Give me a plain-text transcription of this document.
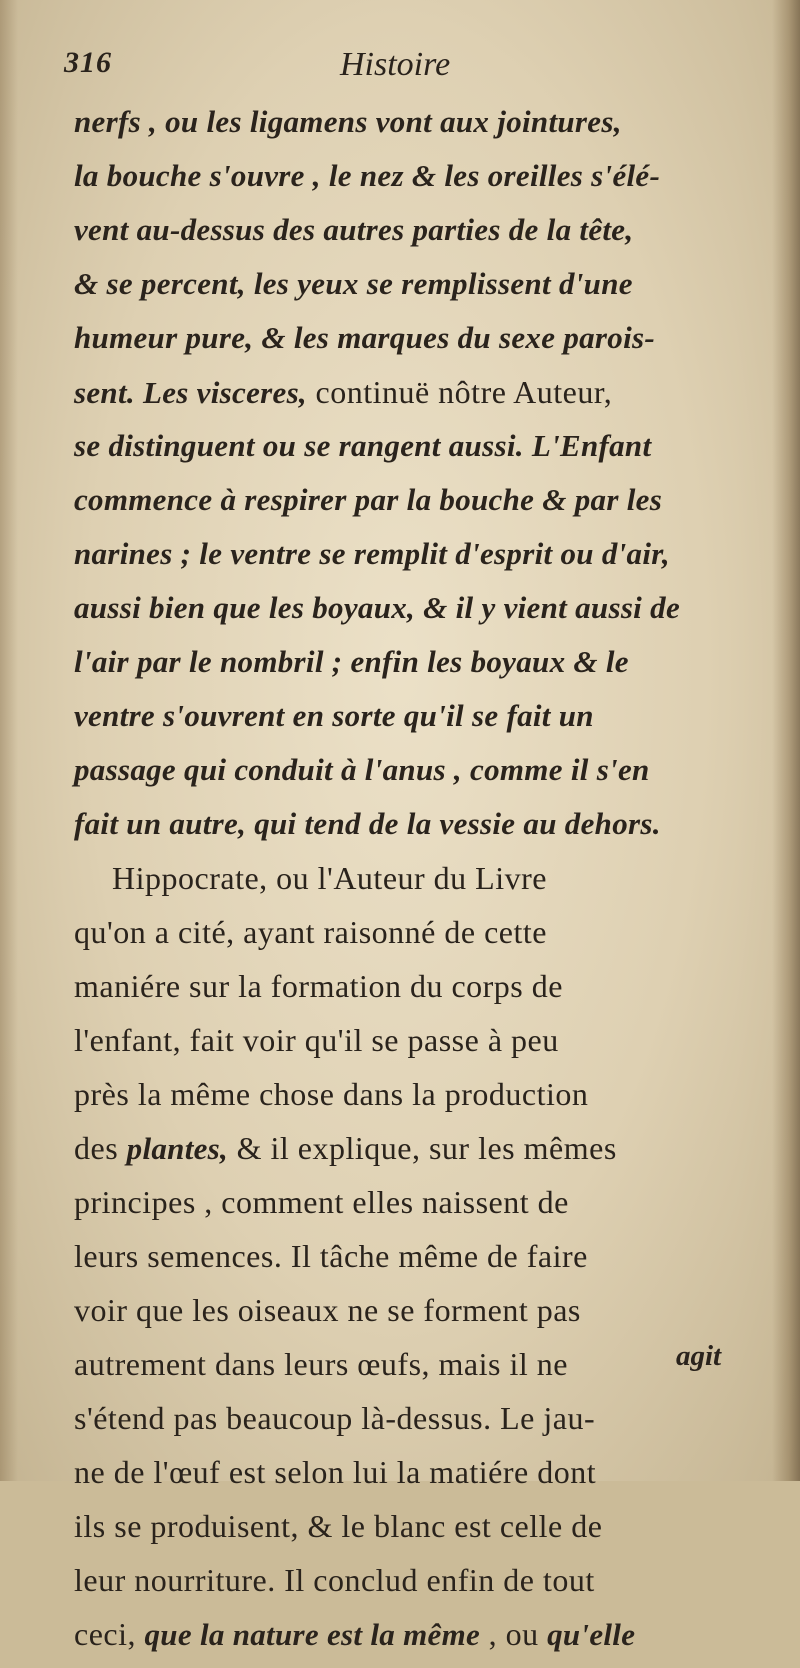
316	Histoire
nerfs , ou les ligamens vont aux jointures,
la bouche s'ouvre , le nez & les oreilles s'élé-
vent au-dessus des autres parties de la tête,
& se percent, les yeux se remplissent d'une
humeur pure, & les marques du sexe parois-
sent. Les visceres, continuë nôtre Auteur,
se distinguent ou se rangent aussi. L'Enfant
commence à respirer par la bouche & par les
narines ; le ventre se remplit d'esprit ou d'air,
aussi bien que les boyaux, & il y vient aussi de
l'air par le nombril ; enfin les boyaux & le
ventre s'ouvrent en sorte qu'il se fait un
passage qui conduit à l'anus , comme il s'en
fait un autre, qui tend de la vessie au dehors.
Hippocrate, ou l'Auteur du Livre
qu'on a cité, ayant raisonné de cette
maniére sur la formation du corps de
l'enfant, fait voir qu'il se passe à peu
près la même chose dans la production
des plantes, & il explique, sur les mêmes
principes , comment elles naissent de
leurs semences. Il tâche même de faire
voir que les oiseaux ne se forment pas
autrement dans leurs œufs, mais il ne
s'étend pas beaucoup là-dessus. Le jau-
ne de l'œuf est selon lui la matiére dont
ils se produisent, & le blanc est celle de
leur nourriture. Il conclud enfin de tout
ceci, que la nature est la même , ou qu'elle
agit
